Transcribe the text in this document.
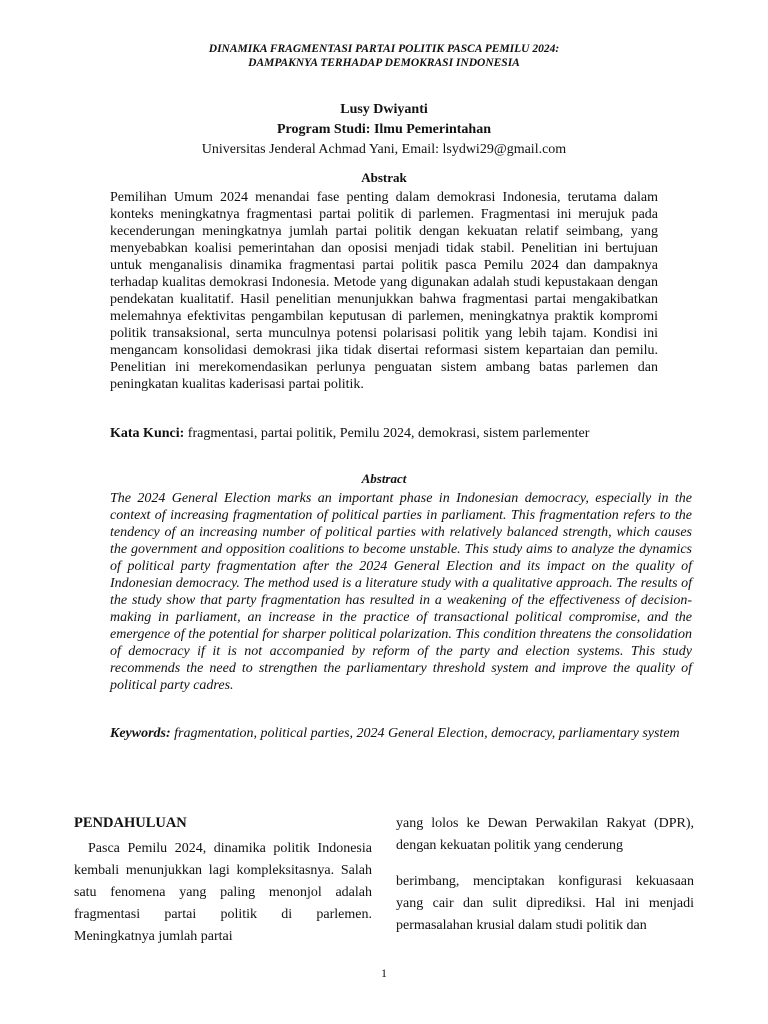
DINAMIKA FRAGMENTASI PARTAI POLITIK PASCA PEMILU 2024:
DAMPAKNYA TERHADAP DEMOKRASI INDONESIA
Lusy Dwiyanti
Program Studi: Ilmu Pemerintahan
Universitas Jenderal Achmad Yani, Email: lsydwi29@gmail.com
Abstrak

Pemilihan Umum 2024 menandai fase penting dalam demokrasi Indonesia, terutama dalam konteks meningkatnya fragmentasi partai politik di parlemen. Fragmentasi ini merujuk pada kecenderungan meningkatnya jumlah partai politik dengan kekuatan relatif seimbang, yang menyebabkan koalisi pemerintahan dan oposisi menjadi tidak stabil. Penelitian ini bertujuan untuk menganalisis dinamika fragmentasi partai politik pasca Pemilu 2024 dan dampaknya terhadap kualitas demokrasi Indonesia. Metode yang digunakan adalah studi kepustakaan dengan pendekatan kualitatif. Hasil penelitian menunjukkan bahwa fragmentasi partai mengakibatkan melemahnya efektivitas pengambilan keputusan di parlemen, meningkatnya praktik kompromi politik transaksional, serta munculnya potensi polarisasi politik yang lebih tajam. Kondisi ini mengancam konsolidasi demokrasi jika tidak disertai reformasi sistem kepartaian dan pemilu. Penelitian ini merekomendasikan perlunya penguatan sistem ambang batas parlemen dan peningkatan kualitas kaderisasi partai politik.

Kata Kunci: fragmentasi, partai politik, Pemilu 2024, demokrasi, sistem parlementer
Abstract

The 2024 General Election marks an important phase in Indonesian democracy, especially in the context of increasing fragmentation of political parties in parliament. This fragmentation refers to the tendency of an increasing number of political parties with relatively balanced strength, which causes the government and opposition coalitions to become unstable. This study aims to analyze the dynamics of political party fragmentation after the 2024 General Election and its impact on the quality of Indonesian democracy. The method used is a literature study with a qualitative approach. The results of the study show that party fragmentation has resulted in a weakening of the effectiveness of decision-making in parliament, an increase in the practice of transactional political compromise, and the emergence of the potential for sharper political polarization. This condition threatens the consolidation of democracy if it is not accompanied by reform of the party and election systems. This study recommends the need to strengthen the parliamentary threshold system and improve the quality of political party cadres.

Keywords: fragmentation, political parties, 2024 General Election, democracy, parliamentary system
PENDAHULUAN

Pasca Pemilu 2024, dinamika politik Indonesia kembali menunjukkan lagi kompleksitasnya. Salah satu fenomena yang paling menonjol adalah fragmentasi partai politik di parlemen. Meningkatnya jumlah partai

yang lolos ke Dewan Perwakilan Rakyat (DPR), dengan kekuatan politik yang cenderung

berimbang, menciptakan konfigurasi kekuasaan yang cair dan sulit diprediksi. Hal ini menjadi permasalahan krusial dalam studi politik dan

1
